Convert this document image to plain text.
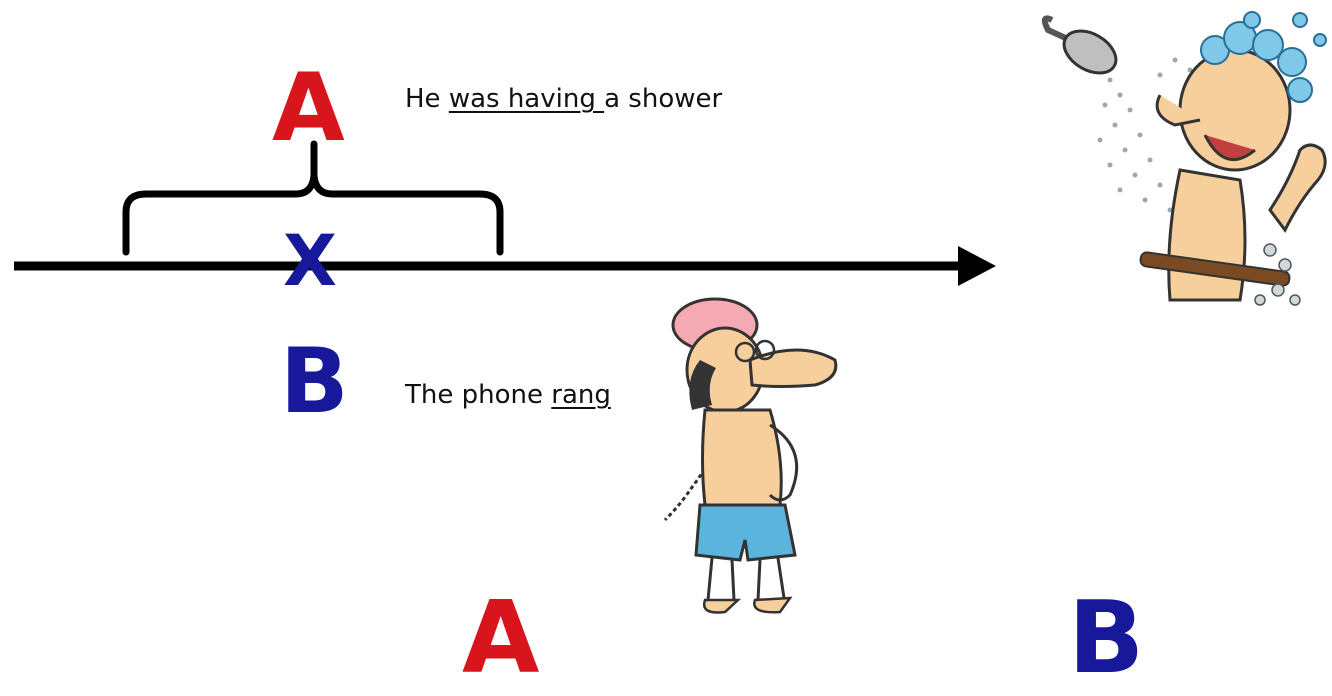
A
X
B
He was having a shower
The phone rang
A	B
